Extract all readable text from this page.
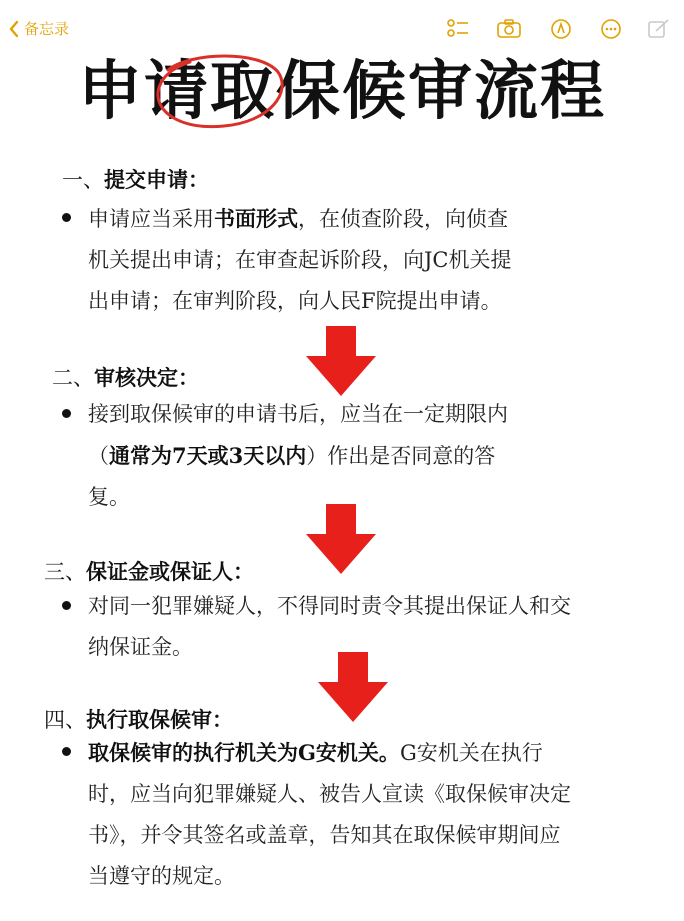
备忘录
申请取保候审流程
一、提交申请：
申请应当采用书面形式，在侦查阶段，向侦查
机关提出申请；在审查起诉阶段，向JC机关提
出申请；在审判阶段，向人民F院提出申请。
二、审核决定：
接到取保候审的申请书后，应当在一定期限内
（通常为7天或3天以内）作出是否同意的答
复。
三、保证金或保证人：
对同一犯罪嫌疑人，不得同时责令其提出保证人和交
纳保证金。
四、执行取保候审：
取保候审的执行机关为G安机关。G安机关在执行
时，应当向犯罪嫌疑人、被告人宣读《取保候审决定
书》，并令其签名或盖章，告知其在取保候审期间应
当遵守的规定。
